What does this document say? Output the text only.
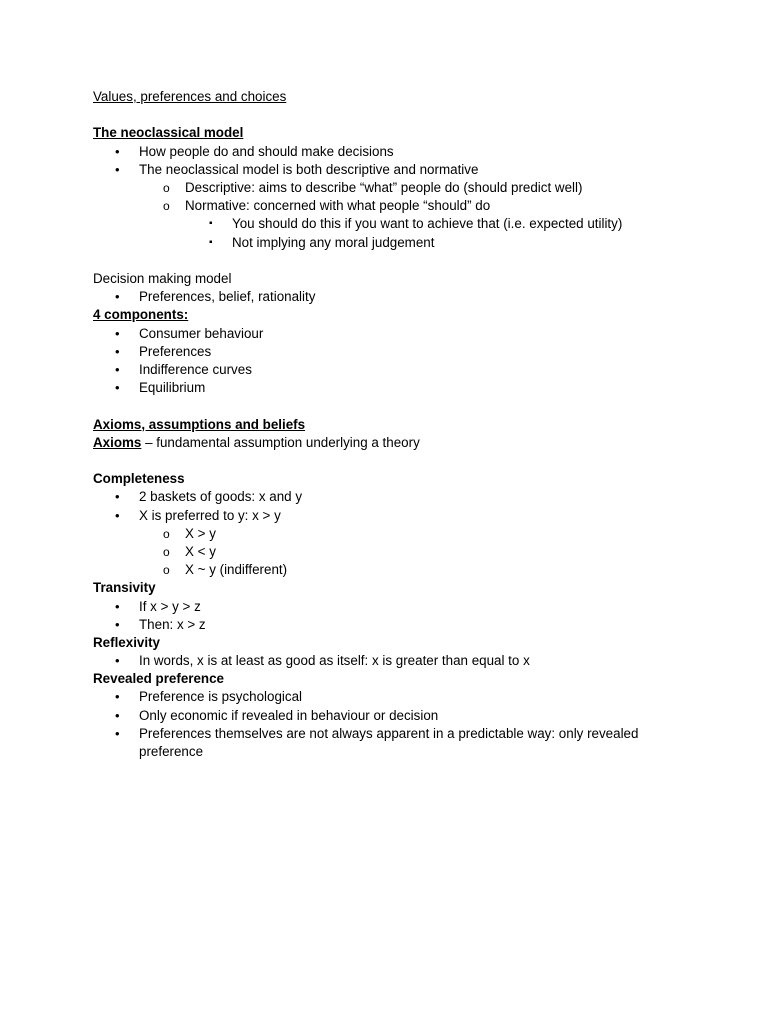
Values, preferences and choices
The neoclassical model
• How people do and should make decisions
• The neoclassical model is both descriptive and normative
o Descriptive: aims to describe “what” people do (should predict well)
o Normative: concerned with what people “should” do
▪ You should do this if you want to achieve that (i.e. expected utility)
▪ Not implying any moral judgement
Decision making model
• Preferences, belief, rationality
4 components:
• Consumer behaviour
• Preferences
• Indifference curves
• Equilibrium
Axioms, assumptions and beliefs
Axioms – fundamental assumption underlying a theory
Completeness
• 2 baskets of goods: x and y
• X is preferred to y: x > y
o X > y
o X < y
o X ~ y (indifferent)
Transivity
• If x > y > z
• Then: x > z
Reflexivity
• In words, x is at least as good as itself: x is greater than equal to x
Revealed preference
• Preference is psychological
• Only economic if revealed in behaviour or decision
• Preferences themselves are not always apparent in a predictable way: only revealed preference
